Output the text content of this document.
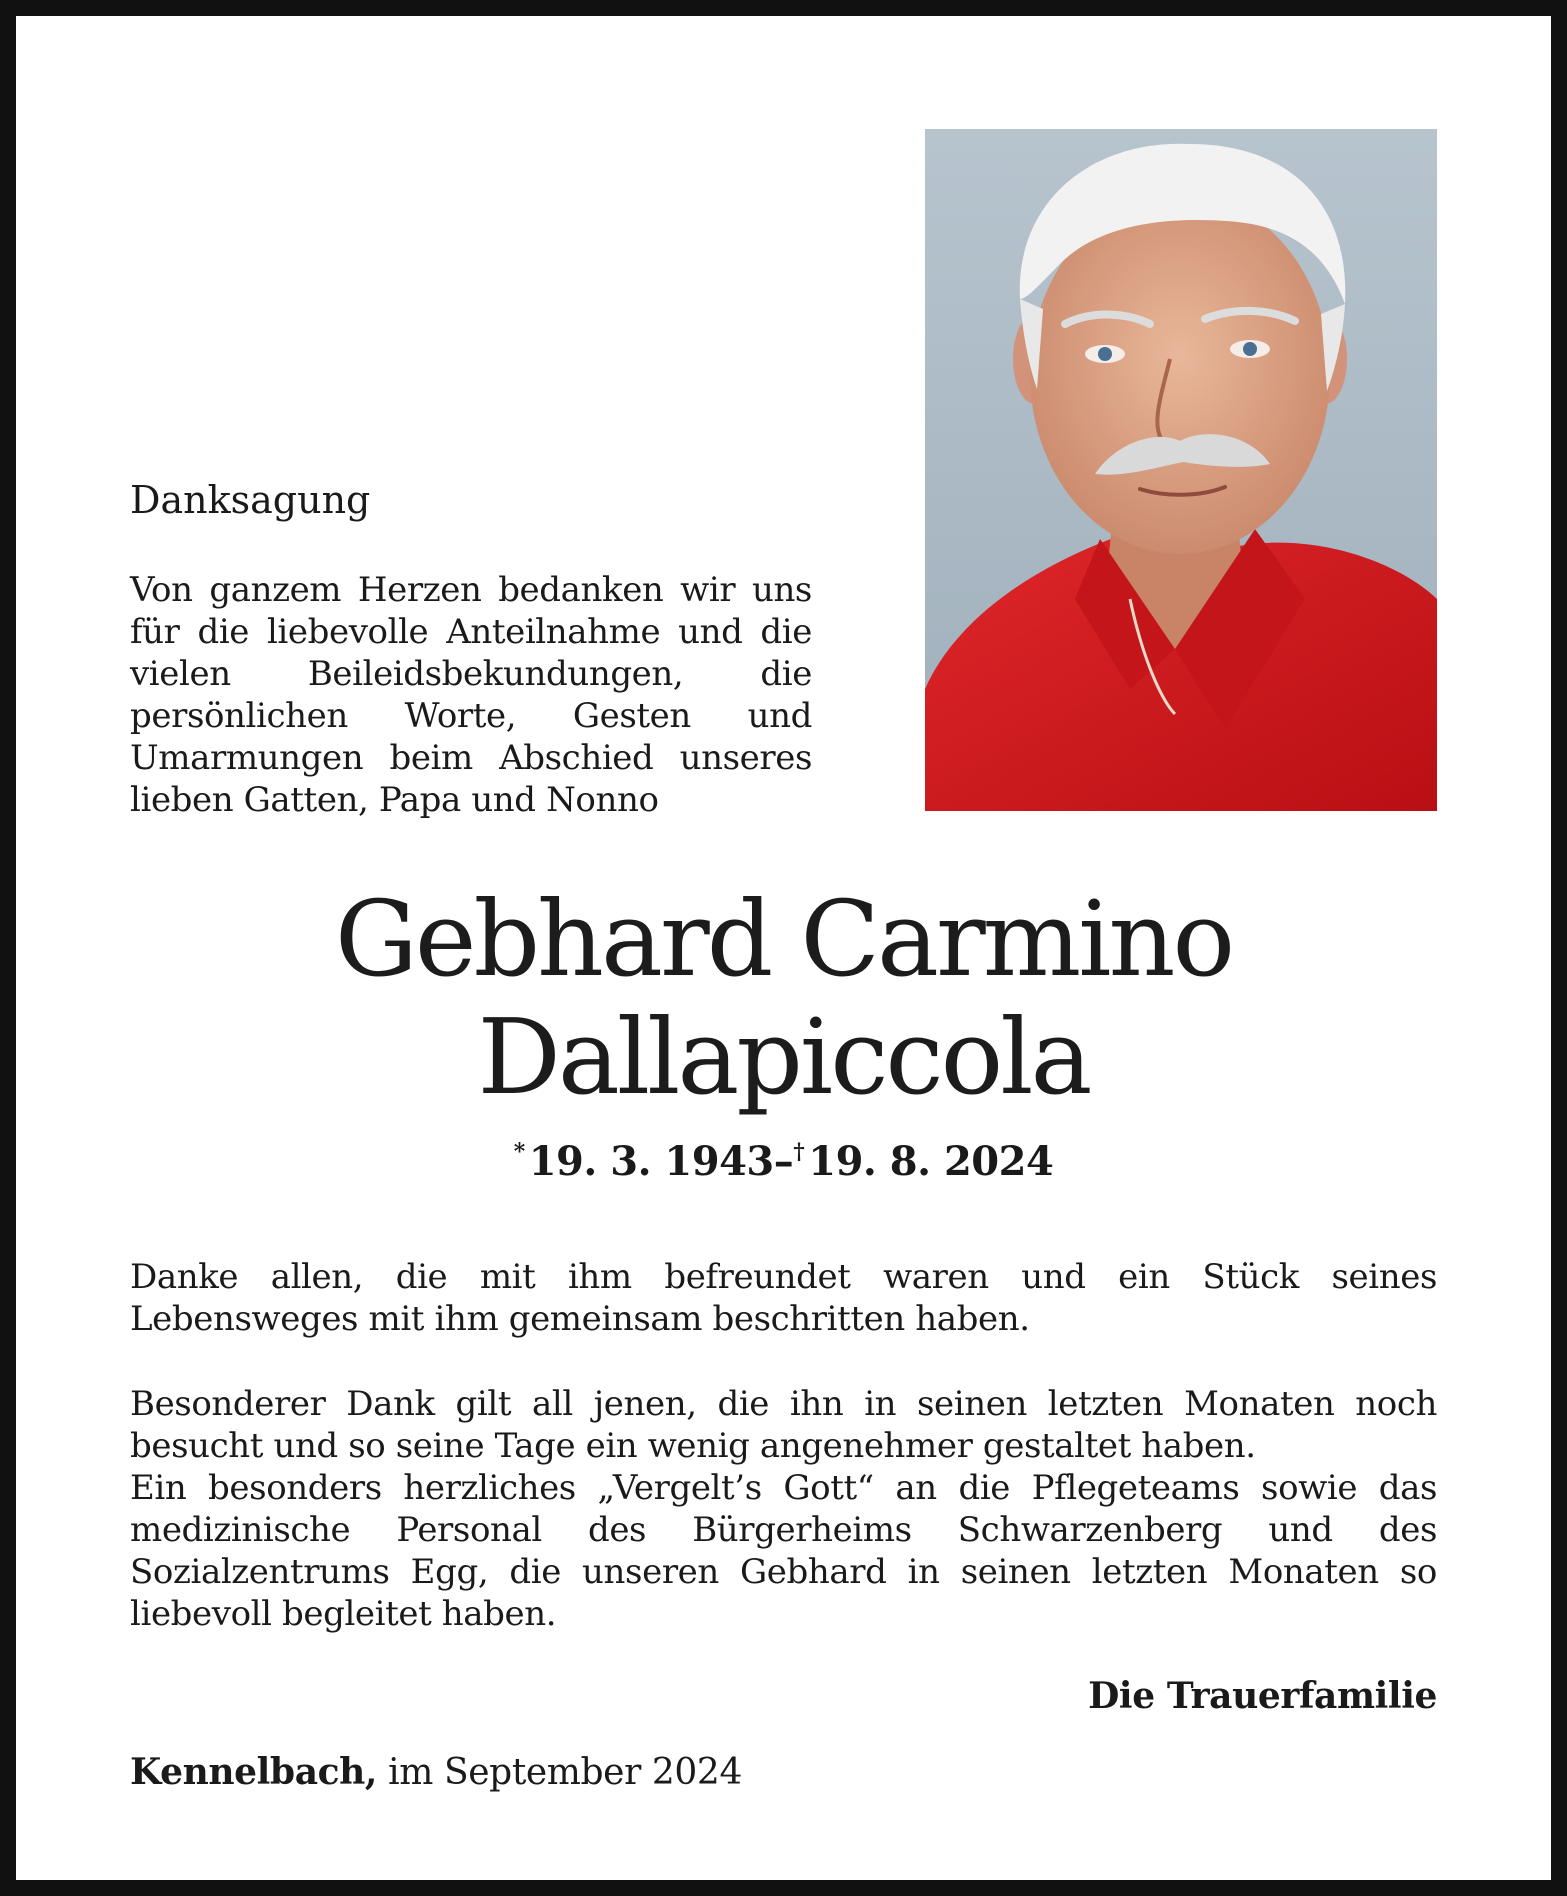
Danksagung
Von ganzem Herzen bedanken wir uns für die liebevolle Anteilnahme und die vielen Beileidsbekundungen, die persönlichen Worte, Gesten und Umarmungen beim Abschied unseres lieben Gatten, Papa und Nonno
Gebhard Carmino
Dallapiccola
* 19. 3. 1943–† 19. 8. 2024
Danke allen, die mit ihm befreundet waren und ein Stück seines Lebensweges mit ihm gemeinsam beschritten haben.
Besonderer Dank gilt all jenen, die ihn in seinen letzten Monaten noch besucht und so seine Tage ein wenig angenehmer gestaltet haben.
Ein besonders herzliches „Vergelt’s Gott“ an die Pflegeteams sowie das medizinische Personal des Bürgerheims Schwarzenberg und des Sozialzentrums Egg, die unseren Gebhard in seinen letzten Monaten so liebevoll begleitet haben.
Die Trauerfamilie
Kennelbach, im September 2024
